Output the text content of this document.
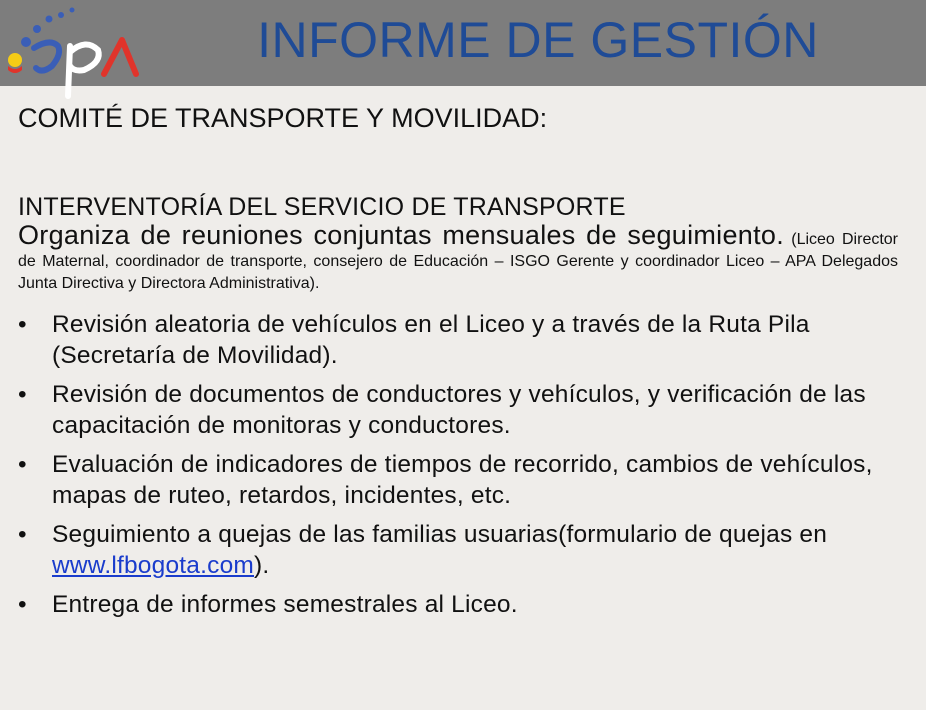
INFORME DE GESTIÓN

COMITÉ DE TRANSPORTE Y MOVILIDAD:

INTERVENTORÍA DEL SERVICIO DE TRANSPORTE

Organiza de reuniones conjuntas mensuales de seguimiento. (Liceo Director de Maternal, coordinador de transporte, consejero de Educación – ISGO Gerente y coordinador Liceo – APA Delegados Junta Directiva y Directora Administrativa).

• Revisión aleatoria de vehículos en el Liceo y a través de la Ruta Pila (Secretaría de Movilidad).
• Revisión de documentos de conductores y vehículos, y verificación de las capacitación de monitoras y conductores.
• Evaluación de indicadores de tiempos de recorrido, cambios de vehículos, mapas de ruteo, retardos, incidentes, etc.
• Seguimiento a quejas de las familias usuarias(formulario de quejas en www.lfbogota.com).
• Entrega de informes semestrales al Liceo.
